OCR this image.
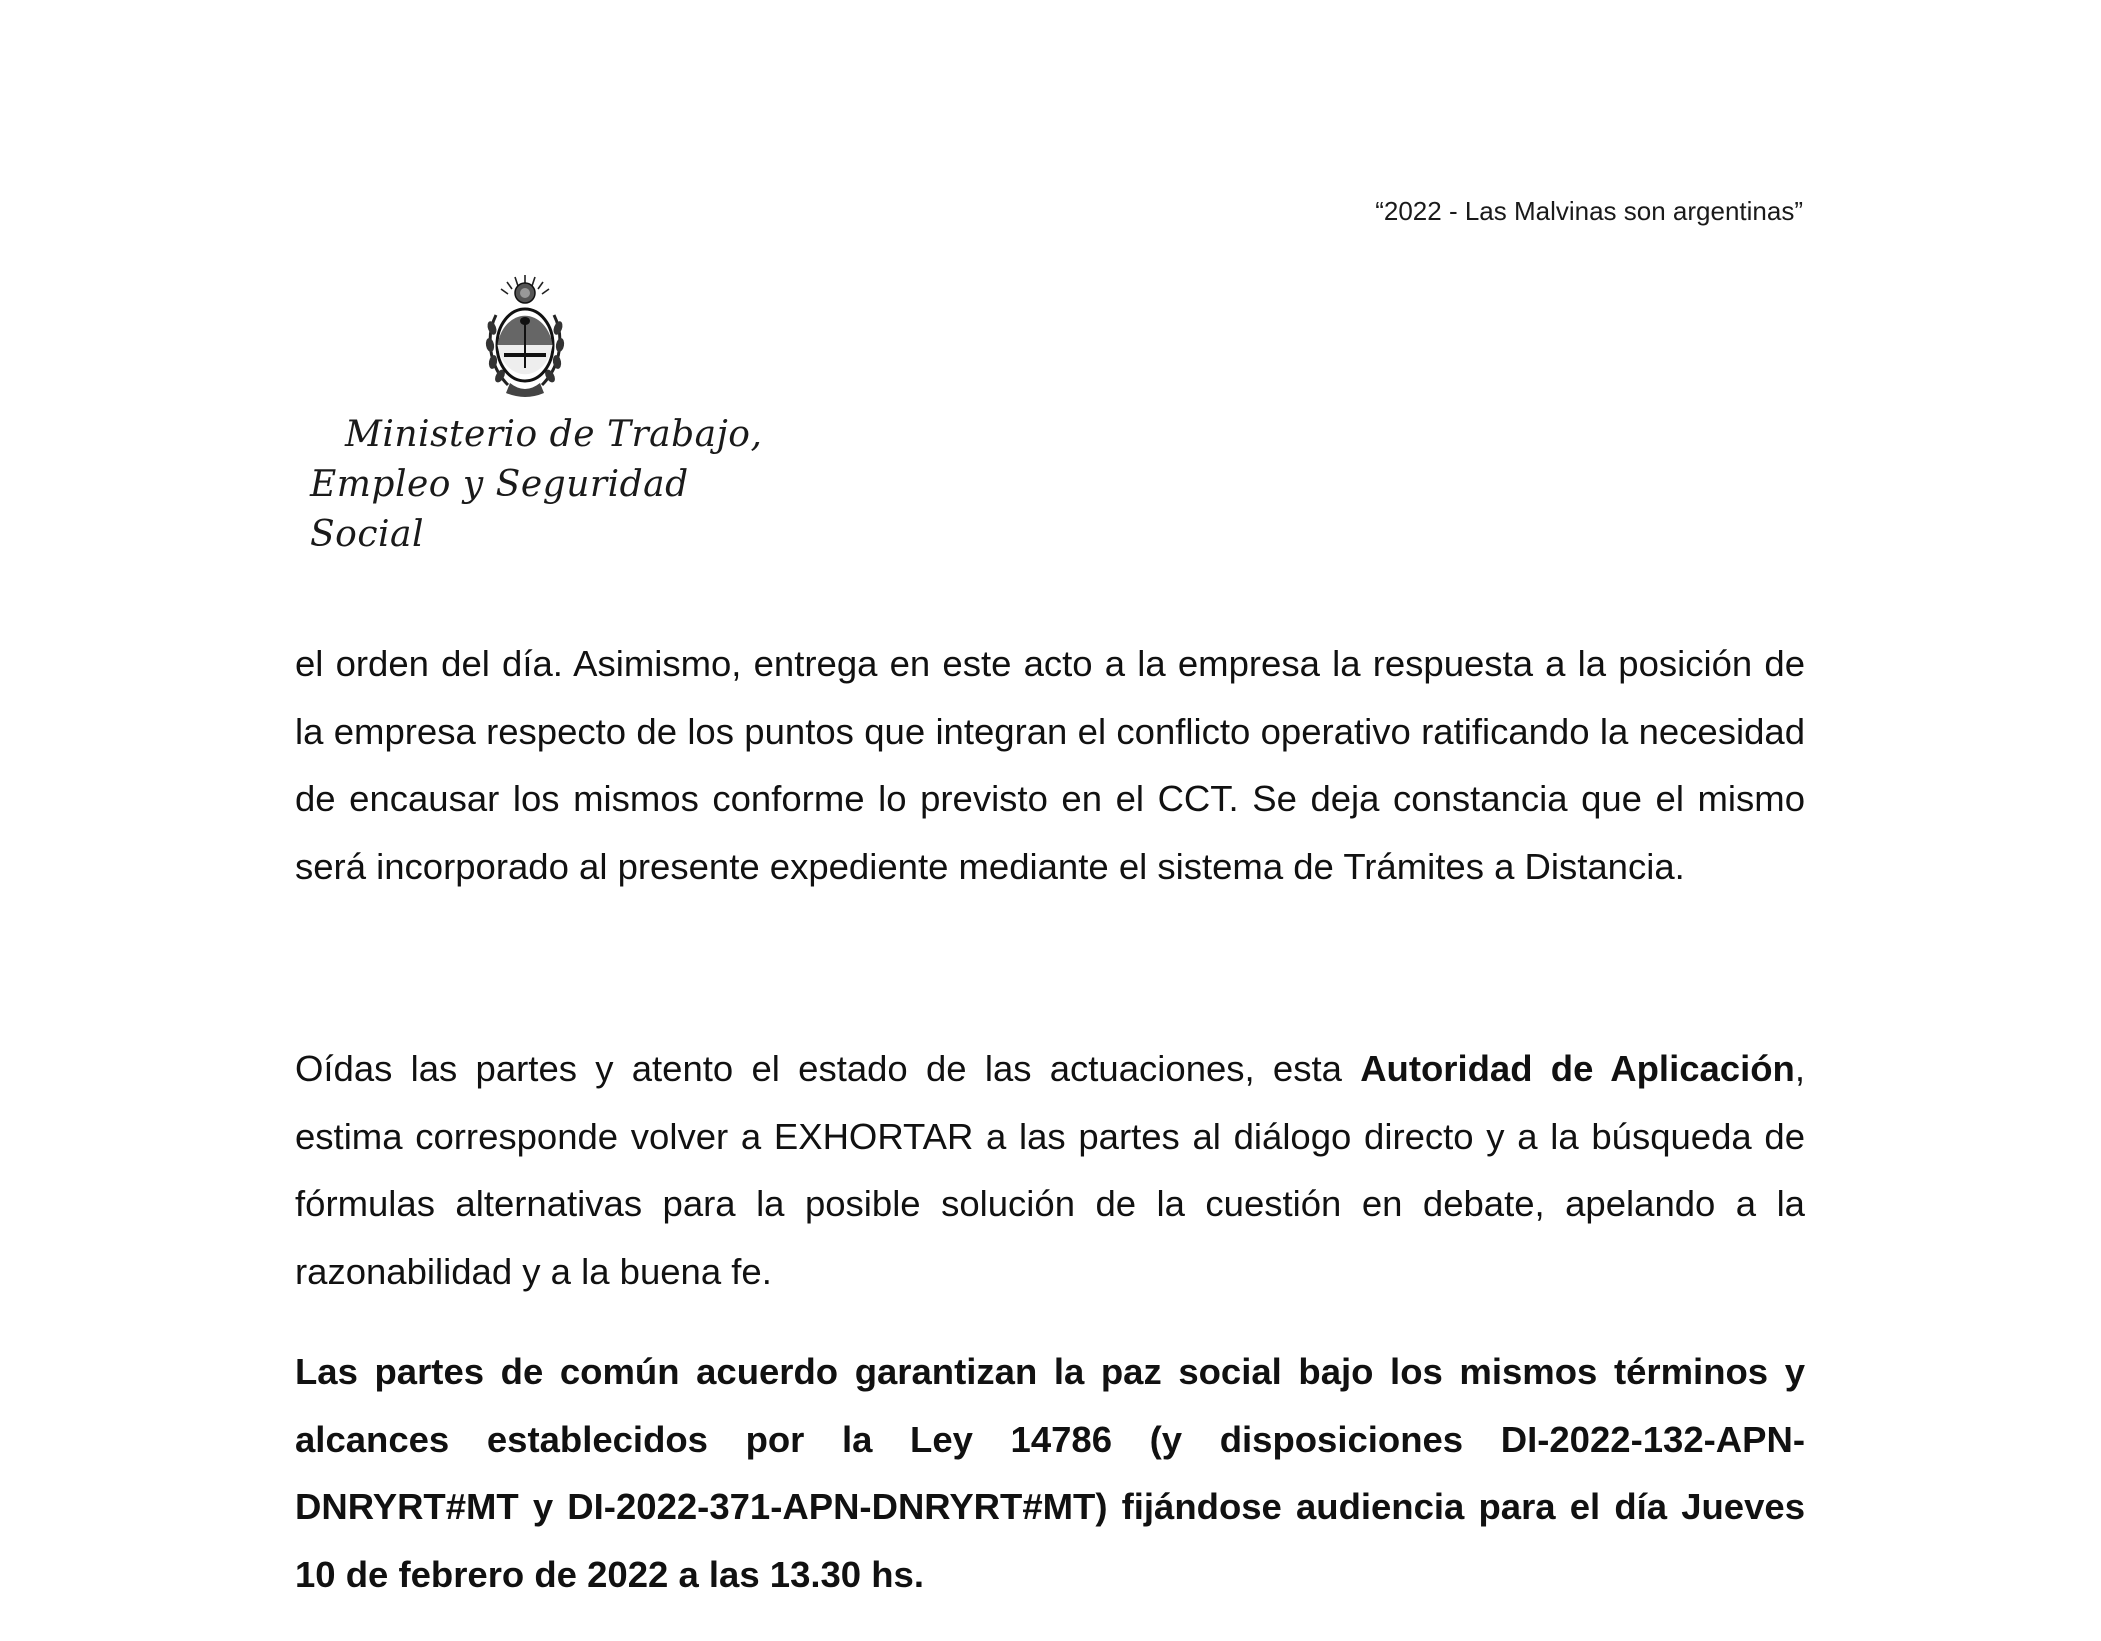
“2022 - Las Malvinas son argentinas”
Ministerio de Trabajo,
Empleo y Seguridad Social
el orden del día. Asimismo, entrega en este acto a la empresa la respuesta a la posición de la empresa respecto de los puntos que integran el conflicto operativo ratificando la necesidad de encausar los mismos conforme lo previsto en el CCT. Se deja constancia que el mismo será incorporado al presente expediente mediante el sistema de Trámites a Distancia.
Oídas las partes y atento el estado de las actuaciones, esta Autoridad de Aplicación, estima corresponde volver a EXHORTAR a las partes al diálogo directo y a la búsqueda de fórmulas alternativas para la posible solución de la cuestión en debate, apelando a la razonabilidad y a la buena fe.
Las partes de común acuerdo garantizan la paz social bajo los mismos términos y alcances establecidos por la Ley 14786 (y disposiciones DI-2022-132-APN-DNRYRT#MT y DI-2022-371-APN-DNRYRT#MT) fijándose audiencia para el día Jueves 10 de febrero de 2022 a las 13.30 hs.
